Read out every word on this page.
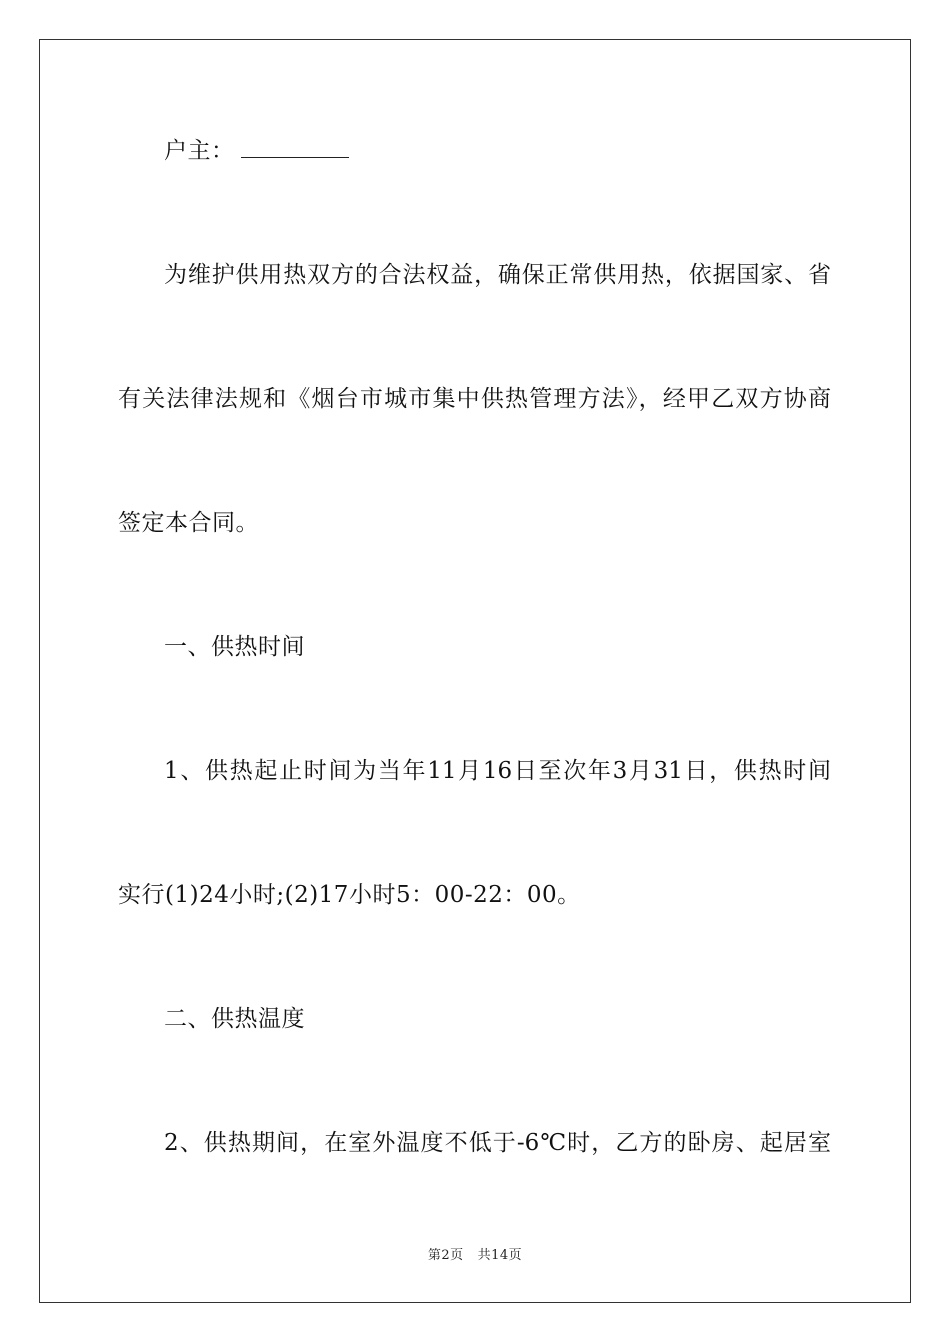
户主：
为维护供用热双方的合法权益，确保正常供用热，依据国家、省
有关法律法规和《烟台市城市集中供热管理方法》，经甲乙双方协商
签定本合同。
一、供热时间
1、供热起止时间为当年11月16日至次年3月31日，供热时间
实行(1)24小时;(2)17小时5：00-22：00。
二、供热温度
2、供热期间，在室外温度不低于-6℃时，乙方的卧房、起居室
第2页 共14页
